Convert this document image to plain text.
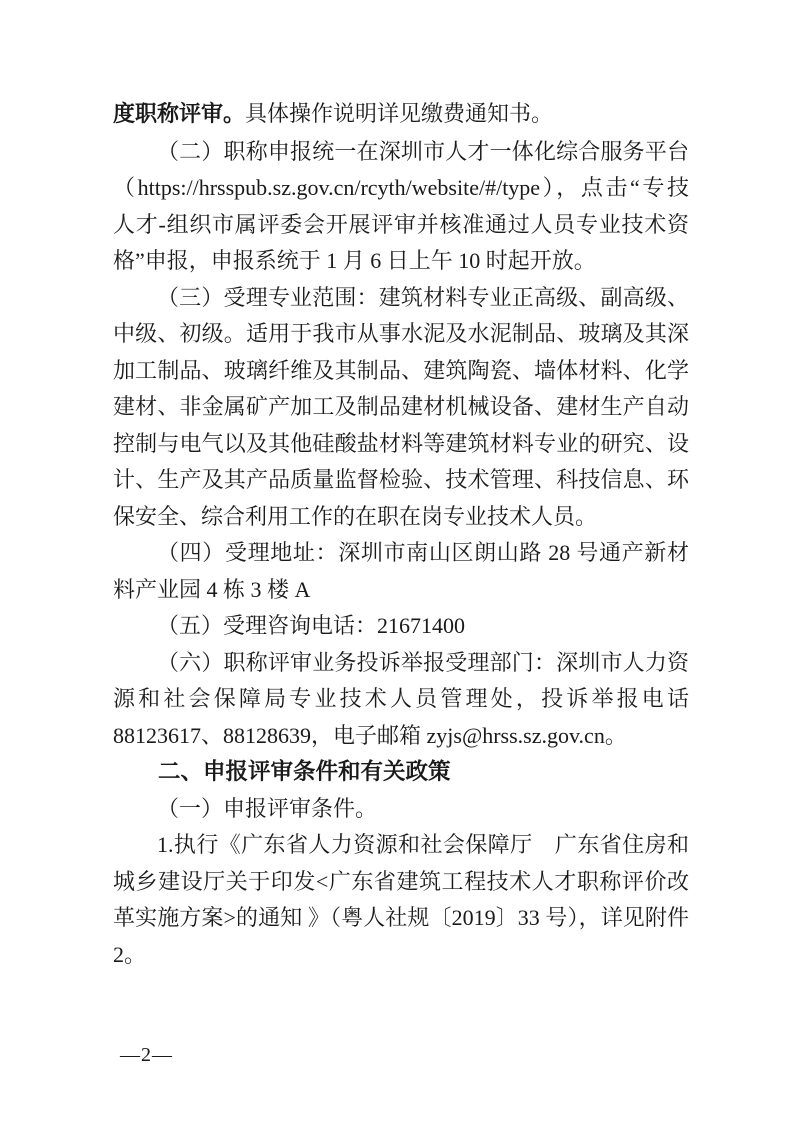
度职称评审。具体操作说明详见缴费通知书。

（二）职称申报统一在深圳市人才一体化综合服务平台（https://hrsspub.sz.gov.cn/rcyth/website/#/type），点击“专技人才-组织市属评委会开展评审并核准通过人员专业技术资格”申报，申报系统于 1 月 6 日上午 10 时起开放。

（三）受理专业范围：建筑材料专业正高级、副高级、中级、初级。适用于我市从事水泥及水泥制品、玻璃及其深加工制品、玻璃纤维及其制品、建筑陶瓷、墙体材料、化学建材、非金属矿产加工及制品建材机械设备、建材生产自动控制与电气以及其他硅酸盐材料等建筑材料专业的研究、设计、生产及其产品质量监督检验、技术管理、科技信息、环保安全、综合利用工作的在职在岗专业技术人员。

（四）受理地址：深圳市南山区朗山路 28 号通产新材料产业园 4 栋 3 楼 A

（五）受理咨询电话：21671400

（六）职称评审业务投诉举报受理部门：深圳市人力资源和社会保障局专业技术人员管理处，投诉举报电话 88123617、88128639，电子邮箱 zyjs@hrss.sz.gov.cn。

二、申报评审条件和有关政策

（一）申报评审条件。

1.执行《广东省人力资源和社会保障厅　广东省住房和城乡建设厅关于印发<广东省建筑工程技术人才职称评价改革实施方案>的通知 》（粤人社规〔2019〕33 号），详见附件 2。

—2—
